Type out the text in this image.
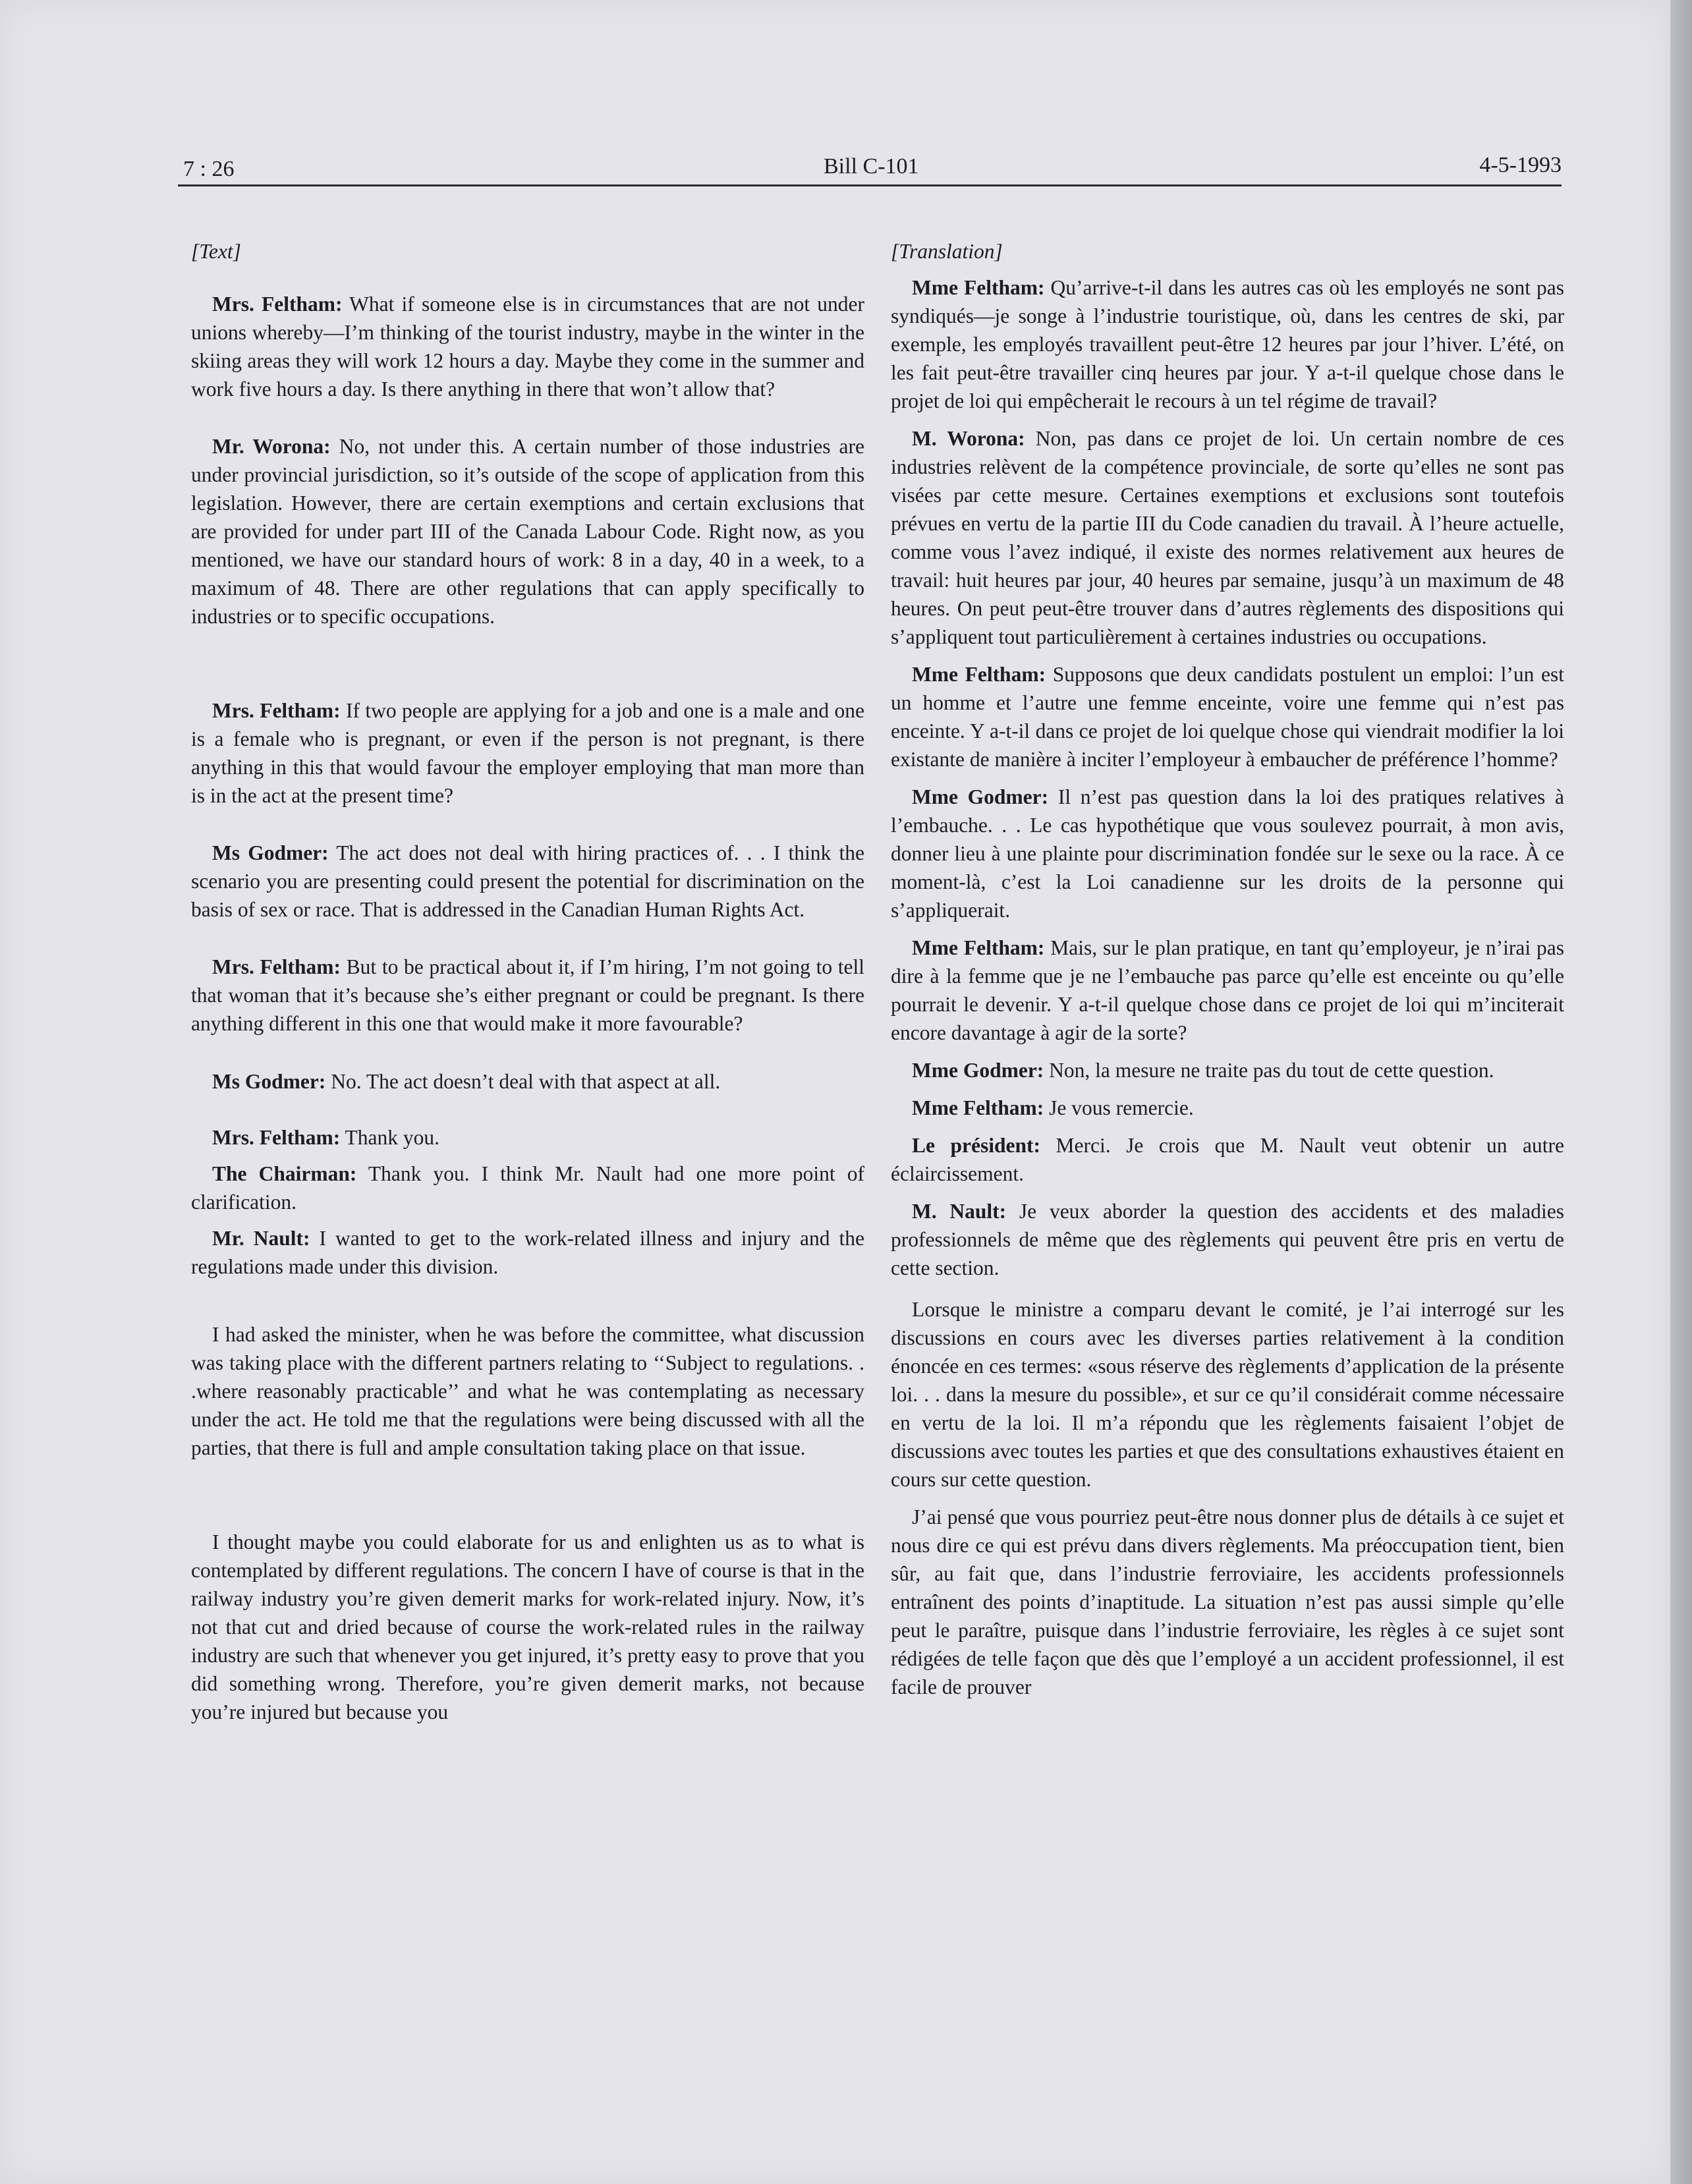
7 : 26	Bill C-101	4-5-1993

[Text]

Mrs. Feltham: What if someone else is in circumstances that are not under unions whereby—I’m thinking of the tourist industry, maybe in the winter in the skiing areas they will work 12 hours a day. Maybe they come in the summer and work five hours a day. Is there anything in there that won’t allow that?

Mr. Worona: No, not under this. A certain number of those industries are under provincial jurisdiction, so it’s outside of the scope of application from this legislation. However, there are certain exemptions and certain exclusions that are provided for under part III of the Canada Labour Code. Right now, as you mentioned, we have our standard hours of work: 8 in a day, 40 in a week, to a maximum of 48. There are other regulations that can apply specifically to industries or to specific occupations.

Mrs. Feltham: If two people are applying for a job and one is a male and one is a female who is pregnant, or even if the person is not pregnant, is there anything in this that would favour the employer employing that man more than is in the act at the present time?

Ms Godmer: The act does not deal with hiring practices of. . . I think the scenario you are presenting could present the potential for discrimination on the basis of sex or race. That is addressed in the Canadian Human Rights Act.

Mrs. Feltham: But to be practical about it, if I’m hiring, I’m not going to tell that woman that it’s because she’s either pregnant or could be pregnant. Is there anything different in this one that would make it more favourable?

Ms Godmer: No. The act doesn’t deal with that aspect at all.

Mrs. Feltham: Thank you.

The Chairman: Thank you. I think Mr. Nault had one more point of clarification.

Mr. Nault: I wanted to get to the work-related illness and injury and the regulations made under this division.

I had asked the minister, when he was before the committee, what discussion was taking place with the different partners relating to ‘‘Subject to regulations. . .where reasonably practicable’’ and what he was contemplating as necessary under the act. He told me that the regulations were being discussed with all the parties, that there is full and ample consultation taking place on that issue.

I thought maybe you could elaborate for us and enlighten us as to what is contemplated by different regulations. The concern I have of course is that in the railway industry you’re given demerit marks for work-related injury. Now, it’s not that cut and dried because of course the work-related rules in the railway industry are such that whenever you get injured, it’s pretty easy to prove that you did something wrong. Therefore, you’re given demerit marks, not because you’re injured but because you

[Translation]

Mme Feltham: Qu’arrive-t-il dans les autres cas où les employés ne sont pas syndiqués—je songe à l’industrie touristique, où, dans les centres de ski, par exemple, les employés travaillent peut-être 12 heures par jour l’hiver. L’été, on les fait peut-être travailler cinq heures par jour. Y a-t-il quelque chose dans le projet de loi qui empêcherait le recours à un tel régime de travail?

M. Worona: Non, pas dans ce projet de loi. Un certain nombre de ces industries relèvent de la compétence provinciale, de sorte qu’elles ne sont pas visées par cette mesure. Certaines exemptions et exclusions sont toutefois prévues en vertu de la partie III du Code canadien du travail. À l’heure actuelle, comme vous l’avez indiqué, il existe des normes relativement aux heures de travail: huit heures par jour, 40 heures par semaine, jusqu’à un maximum de 48 heures. On peut peut-être trouver dans d’autres règlements des dispositions qui s’appliquent tout particulièrement à certaines industries ou occupations.

Mme Feltham: Supposons que deux candidats postulent un emploi: l’un est un homme et l’autre une femme enceinte, voire une femme qui n’est pas enceinte. Y a-t-il dans ce projet de loi quelque chose qui viendrait modifier la loi existante de manière à inciter l’employeur à embaucher de préférence l’homme?

Mme Godmer: Il n’est pas question dans la loi des pratiques relatives à l’embauche. . . Le cas hypothétique que vous soulevez pourrait, à mon avis, donner lieu à une plainte pour discrimination fondée sur le sexe ou la race. À ce moment-là, c’est la Loi canadienne sur les droits de la personne qui s’appliquerait.

Mme Feltham: Mais, sur le plan pratique, en tant qu’employeur, je n’irai pas dire à la femme que je ne l’embauche pas parce qu’elle est enceinte ou qu’elle pourrait le devenir. Y a-t-il quelque chose dans ce projet de loi qui m’inciterait encore davantage à agir de la sorte?

Mme Godmer: Non, la mesure ne traite pas du tout de cette question.

Mme Feltham: Je vous remercie.

Le président: Merci. Je crois que M. Nault veut obtenir un autre éclaircissement.

M. Nault: Je veux aborder la question des accidents et des maladies professionnels de même que des règlements qui peuvent être pris en vertu de cette section.

Lorsque le ministre a comparu devant le comité, je l’ai interrogé sur les discussions en cours avec les diverses parties relativement à la condition énoncée en ces termes: «sous réserve des règlements d’application de la présente loi. . . dans la mesure du possible», et sur ce qu’il considérait comme nécessaire en vertu de la loi. Il m’a répondu que les règlements faisaient l’objet de discussions avec toutes les parties et que des consultations exhaustives étaient en cours sur cette question.

J’ai pensé que vous pourriez peut-être nous donner plus de détails à ce sujet et nous dire ce qui est prévu dans divers règlements. Ma préoccupation tient, bien sûr, au fait que, dans l’industrie ferroviaire, les accidents professionnels entraînent des points d’inaptitude. La situation n’est pas aussi simple qu’elle peut le paraître, puisque dans l’industrie ferroviaire, les règles à ce sujet sont rédigées de telle façon que dès que l’employé a un accident professionnel, il est facile de prouver
